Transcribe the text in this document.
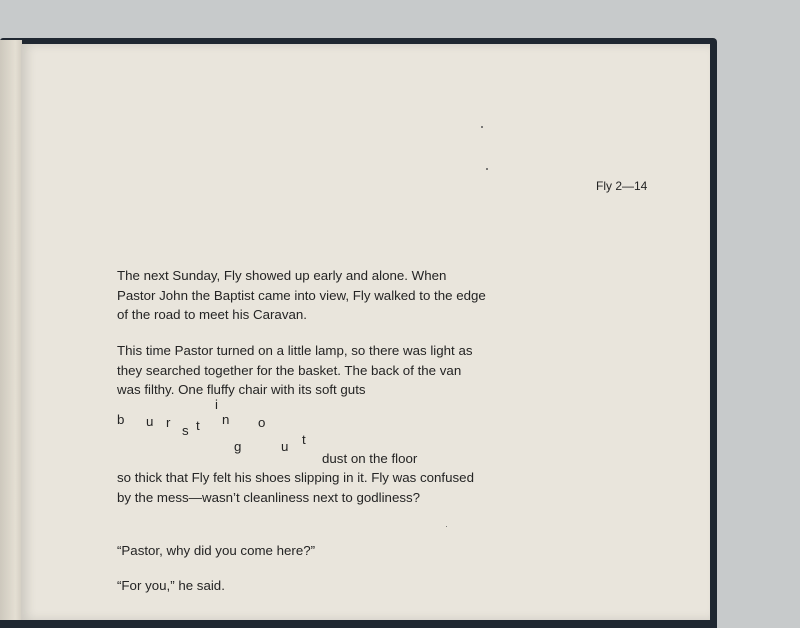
Fly 2—14

The next Sunday, Fly showed up early and alone. When Pastor John the Baptist came into view, Fly walked to the edge of the road to meet his Caravan.

This time Pastor turned on a little lamp, so there was light as they searched together for the basket. The back of the van was filthy. One fluffy chair with its soft guts

b u r
s t
i
n o
g	u t
dust on the floor

so thick that Fly felt his shoes slipping in it. Fly was confused by the mess—wasn’t cleanliness next to godliness?

“Pastor, why did you come here?”

“For you,” he said.
